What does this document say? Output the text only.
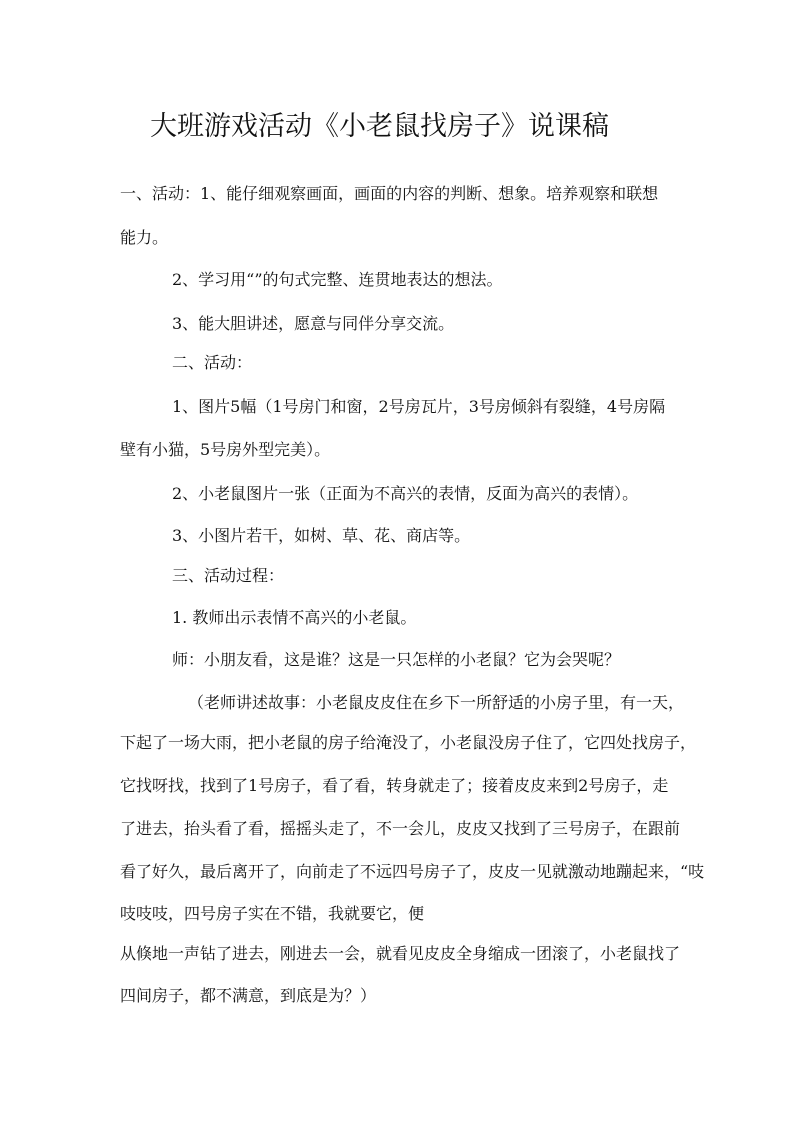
大班游戏活动《小老鼠找房子》说课稿
一、活动：1、能仔细观察画面，画面的内容的判断、想象。培养观察和联想
能力。
2、学习用“”的句式完整、连贯地表达的想法。
3、能大胆讲述，愿意与同伴分享交流。
二、活动：
1、图片5幅（1号房门和窗，2号房瓦片，3号房倾斜有裂缝，4号房隔
壁有小猫，5号房外型完美）。
2、小老鼠图片一张（正面为不高兴的表情，反面为高兴的表情）。
3、小图片若干，如树、草、花、商店等。
三、活动过程：
1. 教师出示表情不高兴的小老鼠。
师：小朋友看，这是谁？这是一只怎样的小老鼠？它为会哭呢？
（老师讲述故事：小老鼠皮皮住在乡下一所舒适的小房子里，有一天，
下起了一场大雨，把小老鼠的房子给淹没了，小老鼠没房子住了，它四处找房子，
它找呀找，找到了1号房子，看了看，转身就走了；接着皮皮来到2号房子，走
了进去，抬头看了看，摇摇头走了，不一会儿，皮皮又找到了三号房子，在跟前
看了好久，最后离开了，向前走了不远四号房子了，皮皮一见就激动地蹦起来，“吱
吱吱吱，四号房子实在不错，我就要它，便
从倏地一声钻了进去，刚进去一会，就看见皮皮全身缩成一团滚了，小老鼠找了
四间房子，都不满意，到底是为？）
